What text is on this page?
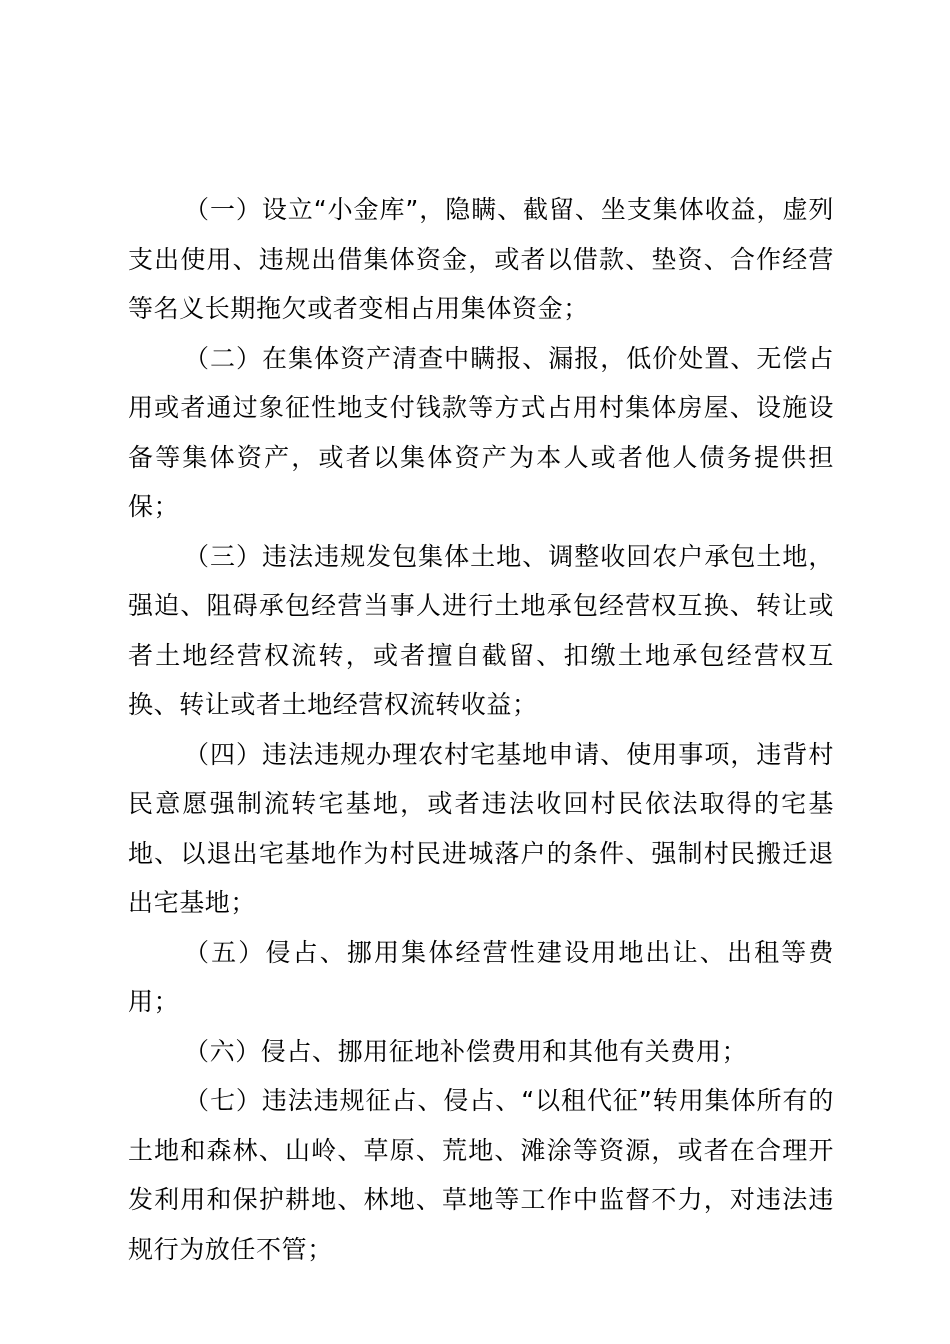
（一）设立“小金库”，隐瞒、截留、坐支集体收益，虚列支出使用、违规出借集体资金，或者以借款、垫资、合作经营等名义长期拖欠或者变相占用集体资金；

（二）在集体资产清查中瞒报、漏报，低价处置、无偿占用或者通过象征性地支付钱款等方式占用村集体房屋、设施设备等集体资产，或者以集体资产为本人或者他人债务提供担保；

（三）违法违规发包集体土地、调整收回农户承包土地，强迫、阻碍承包经营当事人进行土地承包经营权互换、转让或者土地经营权流转，或者擅自截留、扣缴土地承包经营权互换、转让或者土地经营权流转收益；

（四）违法违规办理农村宅基地申请、使用事项，违背村民意愿强制流转宅基地，或者违法收回村民依法取得的宅基地、以退出宅基地作为村民进城落户的条件、强制村民搬迁退出宅基地；

（五）侵占、挪用集体经营性建设用地出让、出租等费用；

（六）侵占、挪用征地补偿费用和其他有关费用；

（七）违法违规征占、侵占、“以租代征”转用集体所有的土地和森林、山岭、草原、荒地、滩涂等资源，或者在合理开发利用和保护耕地、林地、草地等工作中监督不力，对违法违规行为放任不管；
